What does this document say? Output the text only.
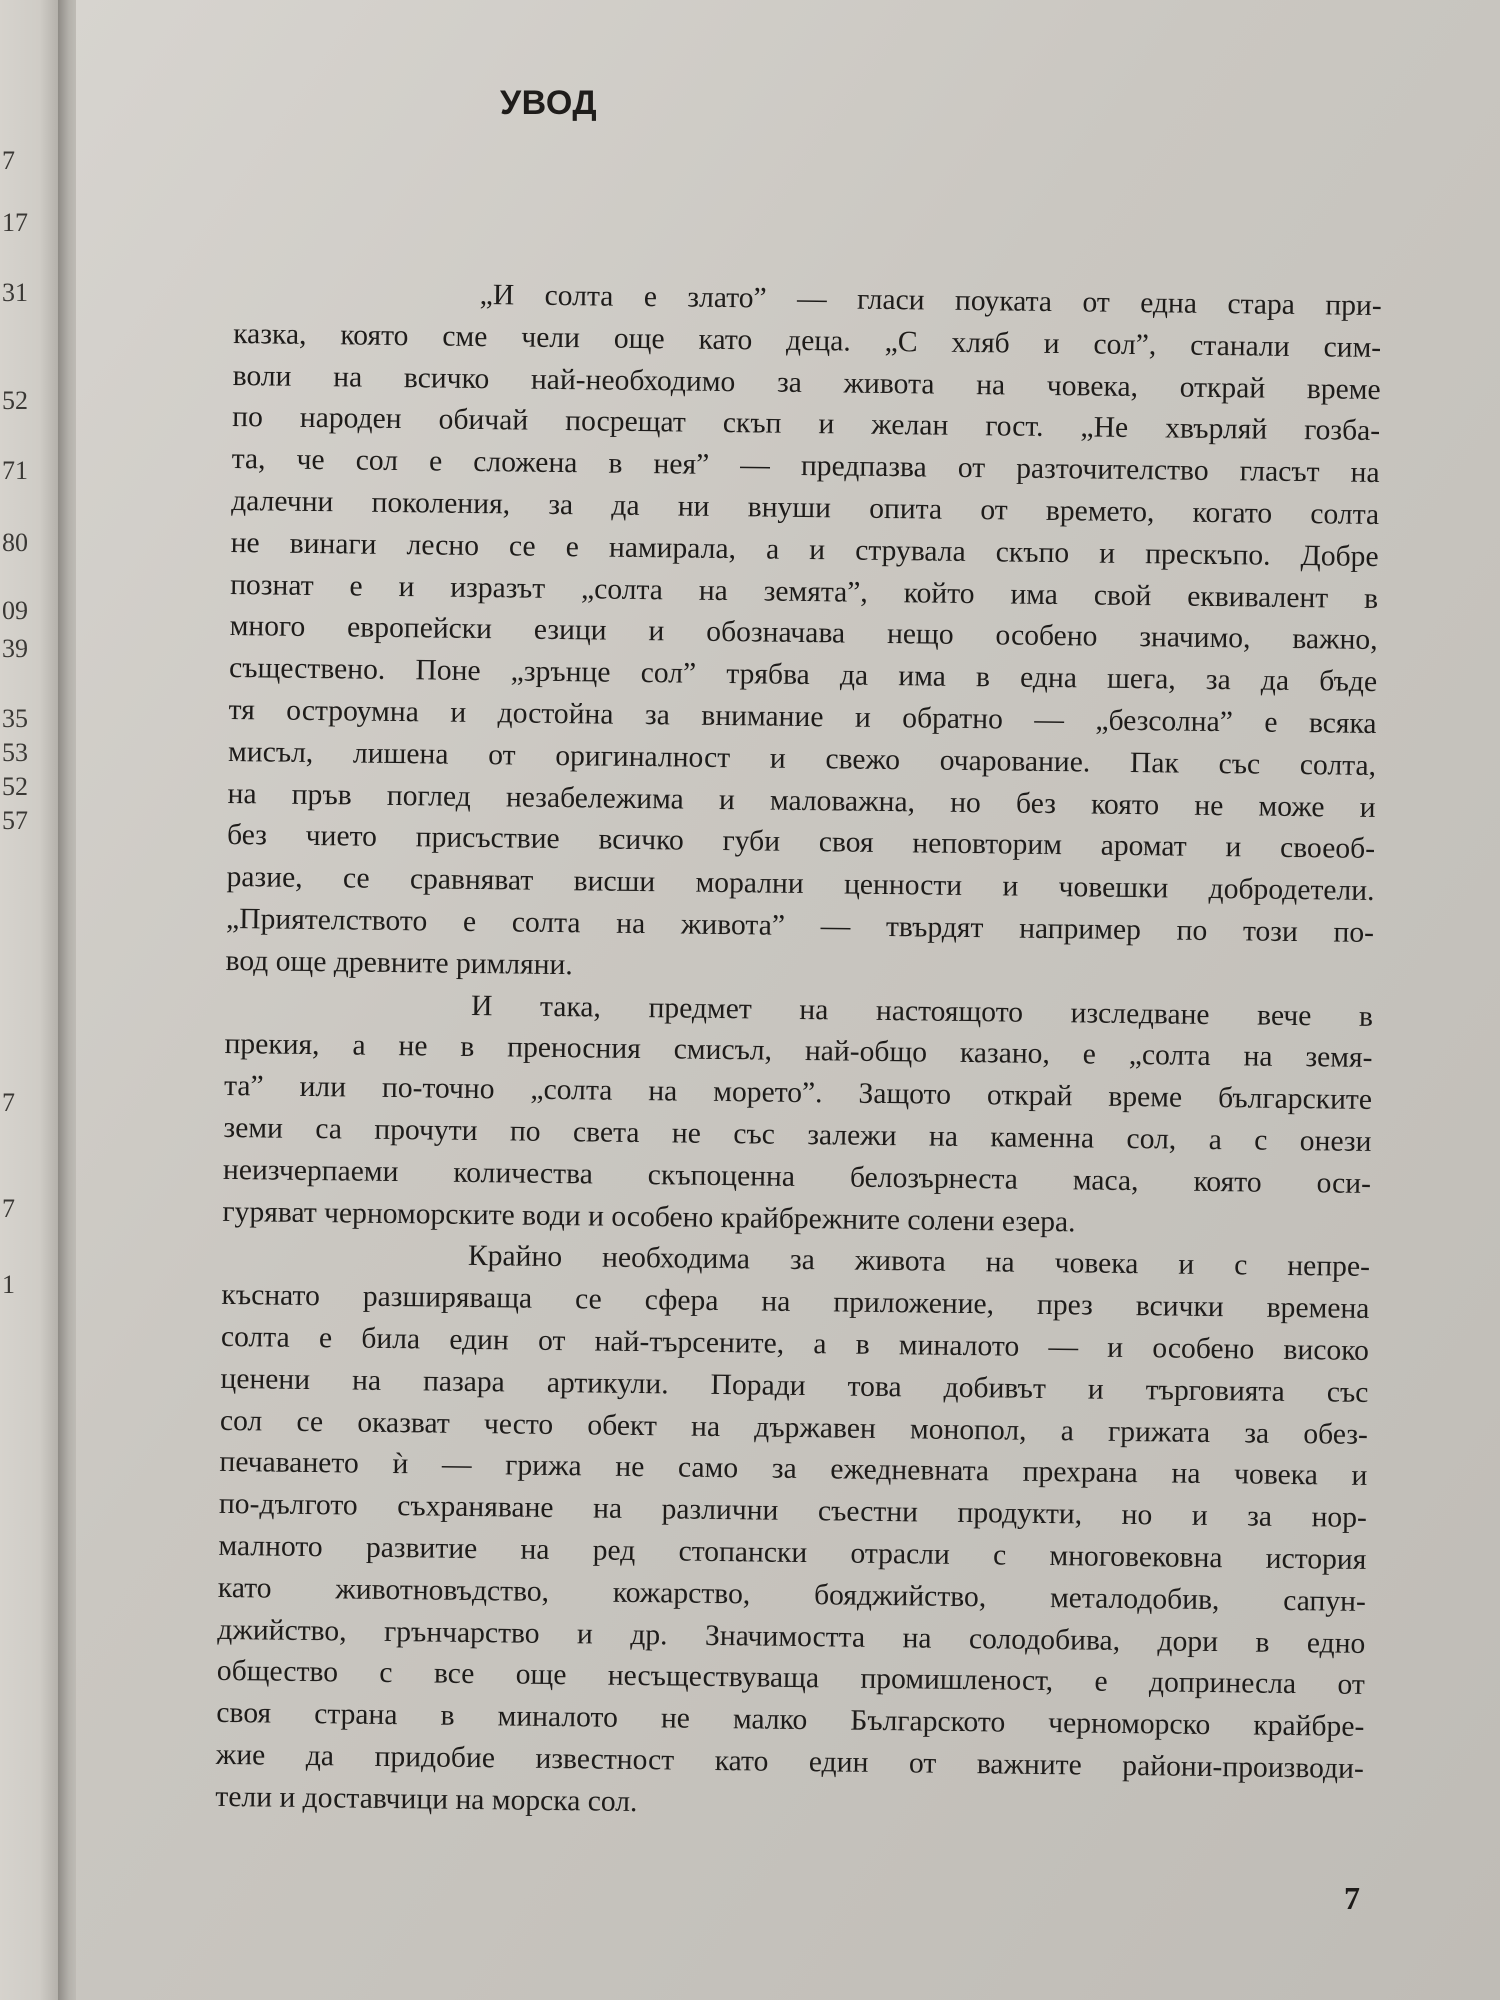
7
17
31
52
71
80
09
39
35
53
52
57
7
7
1
УВОД
„И солта е злато” — гласи поуката от една стара при-
казка, която сме чели още като деца. „С хляб и сол”, станали сим-
воли на всичко най-необходимо за живота на човека, открай време
по народен обичай посрещат скъп и желан гост. „Не хвърляй гозба-
та, че сол е сложена в нея” — предпазва от разточителство гласът на
далечни поколения, за да ни внуши опита от времето, когато солта
не винаги лесно се е намирала, а и струвала скъпо и прескъпо. Добре
познат е и изразът „солта на земята”, който има свой еквивалент в
много европейски езици и обозначава нещо особено значимо, важно,
съществено. Поне „зрънце сол” трябва да има в една шега, за да бъде
тя остроумна и достойна за внимание и обратно — „безсолна” е всяка
мисъл, лишена от оригиналност и свежо очарование. Пак със солта,
на пръв поглед незабележима и маловажна, но без която не може и
без чието присъствие всичко губи своя неповторим аромат и своеоб-
разие, се сравняват висши морални ценности и човешки добродетели.
„Приятелството е солта на живота” — твърдят например по този по-
вод още древните римляни.
И така, предмет на настоящото изследване вече в
прекия, а не в преносния смисъл, най-общо казано, е „солта на земя-
та” или по-точно „солта на морето”. Защото открай време българските
земи са прочути по света не със залежи на каменна сол, а с онези
неизчерпаеми количества скъпоценна белозърнеста маса, която оси-
гуряват черноморските води и особено крайбрежните солени езера.
Крайно необходима за живота на човека и с непре-
къснато разширяваща се сфера на приложение, през всички времена
солта е била един от най-търсените, а в миналото — и особено високо
ценени на пазара артикули. Поради това добивът и търговията със
сол се оказват често обект на държавен монопол, а грижата за обез-
печаването ѝ — грижа не само за ежедневната прехрана на човека и
по-дългото съхраняване на различни съестни продукти, но и за нор-
малното развитие на ред стопански отрасли с многовековна история
като животновъдство, кожарство, бояджийство, металодобив, сапун-
джийство, грънчарство и др. Значимостта на солодобива, дори в едно
общество с все още несъществуваща промишленост, е допринесла от
своя страна в миналото не малко Българското черноморско крайбре-
жие да придобие известност като един от важните райони-производи-
тели и доставчици на морска сол.
7
